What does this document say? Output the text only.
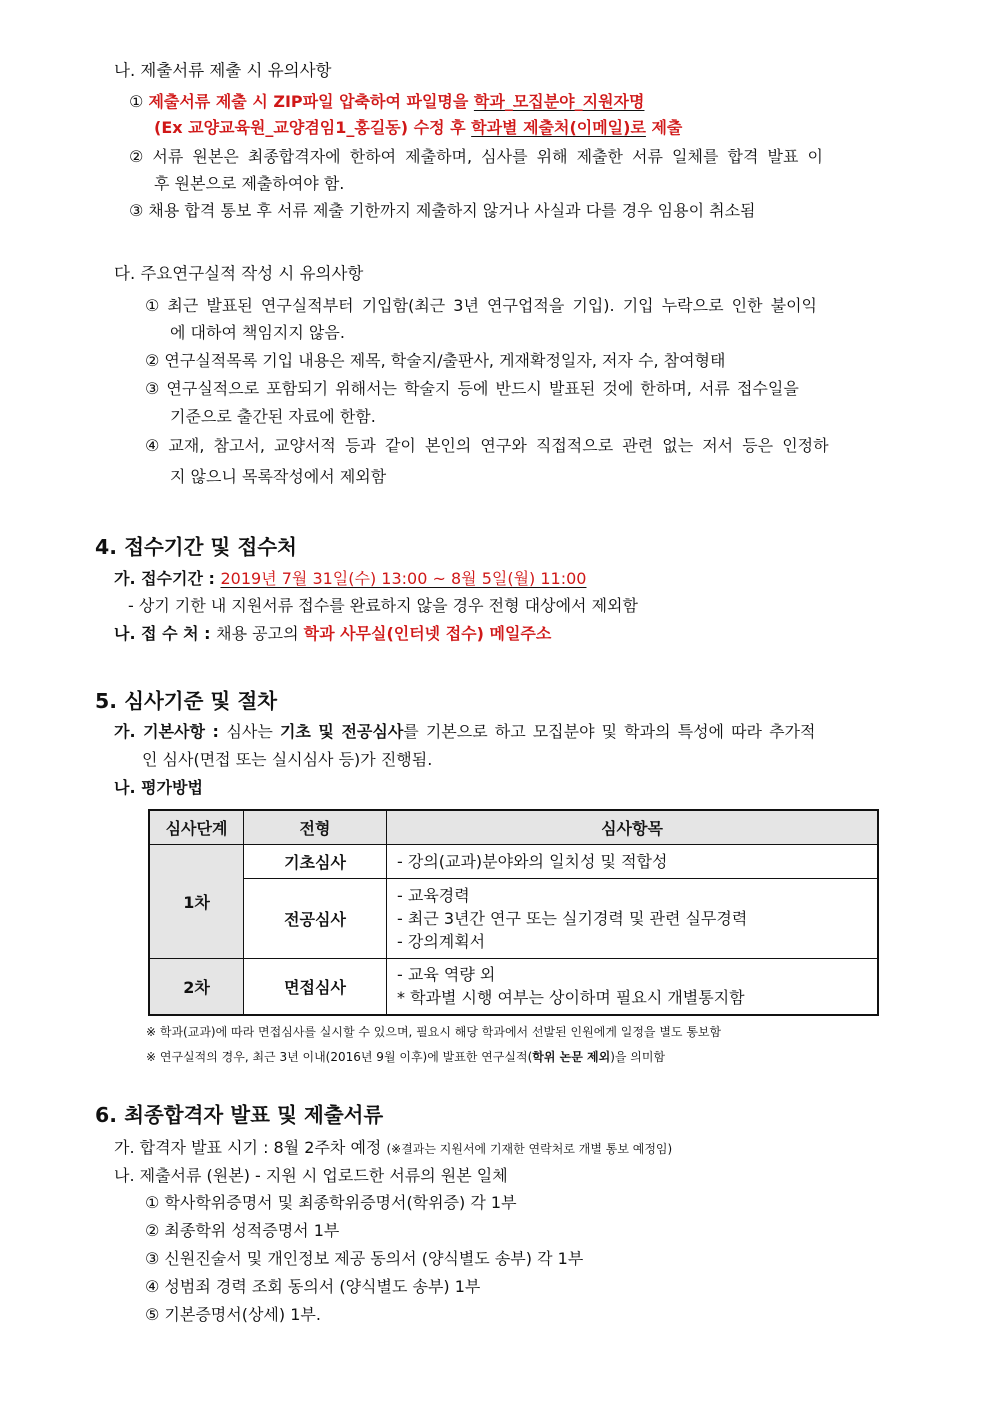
나. 제출서류 제출 시 유의사항
① 제출서류 제출 시 ZIP파일 압축하여 파일명을 학과_모집분야_지원자명
(Ex 교양교육원_교양겸임1_홍길동) 수정 후 학과별 제출처(이메일)로 제출
② 서류 원본은 최종합격자에 한하여 제출하며, 심사를 위해 제출한 서류 일체를 합격 발표 이
후 원본으로 제출하여야 함.
③ 채용 합격 통보 후 서류 제출 기한까지 제출하지 않거나 사실과 다를 경우 임용이 취소됨
다. 주요연구실적 작성 시 유의사항
① 최근 발표된 연구실적부터 기입함(최근 3년 연구업적을 기입). 기입 누락으로 인한 불이익
에 대하여 책임지지 않음.
② 연구실적목록 기입 내용은 제목, 학술지/출판사, 게재확정일자, 저자 수, 참여형태
③ 연구실적으로 포함되기 위해서는 학술지 등에 반드시 발표된 것에 한하며, 서류 접수일을
기준으로 출간된 자료에 한함.
④ 교재, 참고서, 교양서적 등과 같이 본인의 연구와 직접적으로 관련 없는 저서 등은 인정하
지 않으니 목록작성에서 제외함
4. 접수기간 및 접수처
가. 접수기간 : 2019년 7월 31일(수) 13:00 ~ 8월 5일(월) 11:00
- 상기 기한 내 지원서류 접수를 완료하지 않을 경우 전형 대상에서 제외함
나. 접 수 처 : 채용 공고의 학과 사무실(인터넷 접수) 메일주소
5. 심사기준 및 절차
가. 기본사항 : 심사는 기초 및 전공심사를 기본으로 하고 모집분야 및 학과의 특성에 따라 추가적
인 심사(면접 또는 실시심사 등)가 진행됨.
나. 평가방법
심사단계	전형	심사항목
1차	기초심사	- 강의(교과)분야와의 일치성 및 적합성

	전공심사	- 교육경력
- 최근 3년간 연구 또는 실기경력 및 관련 실무경력
- 강의계획서

2차	면접심사	- 교육 역량 외
* 학과별 시행 여부는 상이하며 필요시 개별통지함
※ 학과(교과)에 따라 면접심사를 실시할 수 있으며, 필요시 해당 학과에서 선발된 인원에게 일정을 별도 통보함
※ 연구실적의 경우, 최근 3년 이내(2016년 9월 이후)에 발표한 연구실적(학위 논문 제외)을 의미함
6. 최종합격자 발표 및 제출서류
가. 합격자 발표 시기 : 8월 2주차 예정 (※결과는 지원서에 기재한 연락처로 개별 통보 예정임)
나. 제출서류 (원본) - 지원 시 업로드한 서류의 원본 일체
① 학사학위증명서 및 최종학위증명서(학위증) 각 1부
② 최종학위 성적증명서 1부
③ 신원진술서 및 개인정보 제공 동의서 (양식별도 송부) 각 1부
④ 성범죄 경력 조회 동의서 (양식별도 송부) 1부
⑤ 기본증명서(상세) 1부.
